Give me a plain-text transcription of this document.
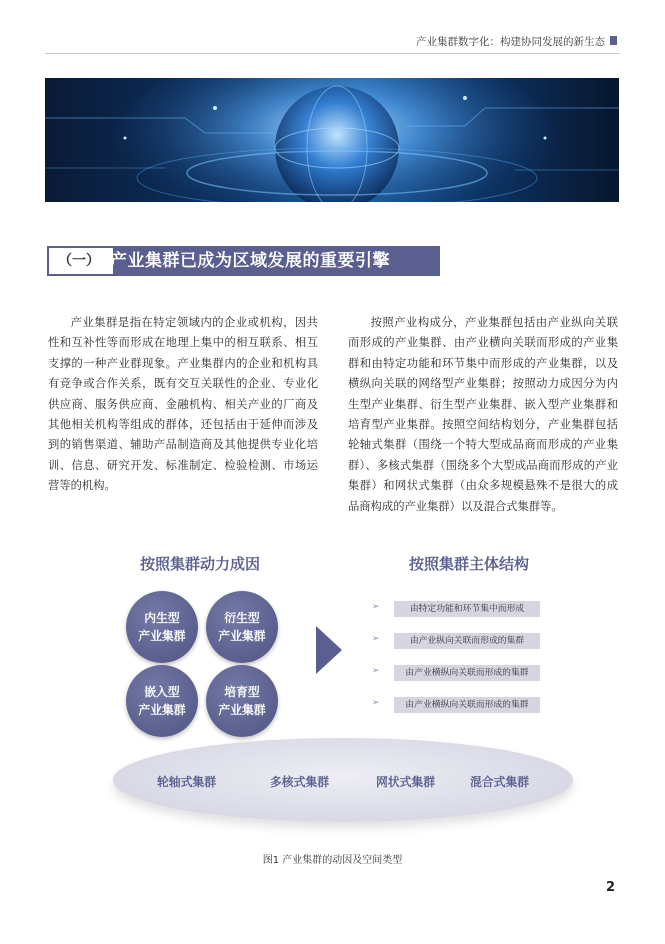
产业集群数字化：构建协同发展的新生态
（一） 产业集群已成为区域发展的重要引擎

产业集群是指在特定领域内的企业或机构，因共性和互补性等而形成在地理上集中的相互联系、相互支撑的一种产业群现象。产业集群内的企业和机构具有竞争或合作关系，既有交互关联性的企业、专业化供应商、服务供应商、金融机构、相关产业的厂商及其他相关机构等组成的群体，还包括由于延伸而涉及到的销售渠道、辅助产品制造商及其他提供专业化培训、信息、研究开发、标准制定、检验检测、市场运营等的机构。

按照产业构成分，产业集群包括由产业纵向关联而形成的产业集群、由产业横向关联而形成的产业集群和由特定功能和环节集中而形成的产业集群，以及横纵向关联的网络型产业集群；按照动力成因分为内生型产业集群、衍生型产业集群、嵌入型产业集群和培育型产业集群。按照空间结构划分，产业集群包括轮轴式集群（围绕一个特大型成品商而形成的产业集群）、多核式集群（围绕多个大型成品商而形成的产业集群）和网状式集群（由众多规模悬殊不是很大的成品商构成的产业集群）以及混合式集群等。

按照集群动力成因	按照集群主体结构
内生型
产业集群
衍生型
产业集群
嵌入型
产业集群
培育型
产业集群
➢	由特定功能和环节集中而形成
➢	由产业纵向关联而形成的集群
➢	由产业横纵向关联而形成的集群
➢	由产业横纵向关联而形成的集群
轮轴式集群	多核式集群	网状式集群	混合式集群
图1 产业集群的动因及空间类型
2
